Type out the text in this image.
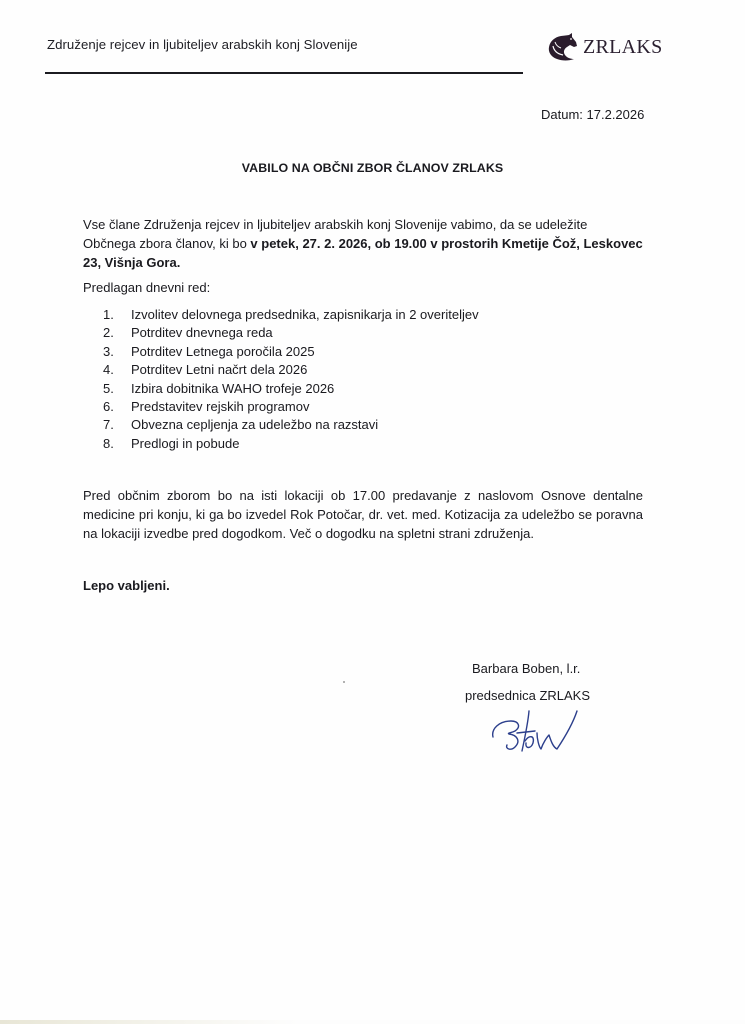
Združenje rejcev in ljubiteljev arabskih konj Slovenije	ZRLAKS
Datum: 17.2.2026
VABILO NA OBČNI ZBOR ČLANOV ZRLAKS
Vse člane Združenja rejcev in ljubiteljev arabskih konj Slovenije vabimo, da se udeležite Občnega zbora članov, ki bo v petek, 27. 2. 2026, ob 19.00 v prostorih Kmetije Čož, Leskovec 23, Višnja Gora.
Predlagan dnevni red:
1.	Izvolitev delovnega predsednika, zapisnikarja in 2 overiteljev
2.	Potrditev dnevnega reda
3.	Potrditev Letnega poročila 2025
4.	Potrditev Letni načrt dela 2026
5.	Izbira dobitnika WAHO trofeje 2026
6.	Predstavitev rejskih programov
7.	Obvezna cepljenja za udeležbo na razstavi
8.	Predlogi in pobude
Pred občnim zborom bo na isti lokaciji ob 17.00 predavanje z naslovom Osnove dentalne medicine pri konju, ki ga bo izvedel Rok Potočar, dr. vet. med. Kotizacija za udeležbo se poravna na lokaciji izvedbe pred dogodkom. Več o dogodku na spletni strani združenja.
Lepo vabljeni.
Barbara Boben, l.r.
predsednica ZRLAKS
